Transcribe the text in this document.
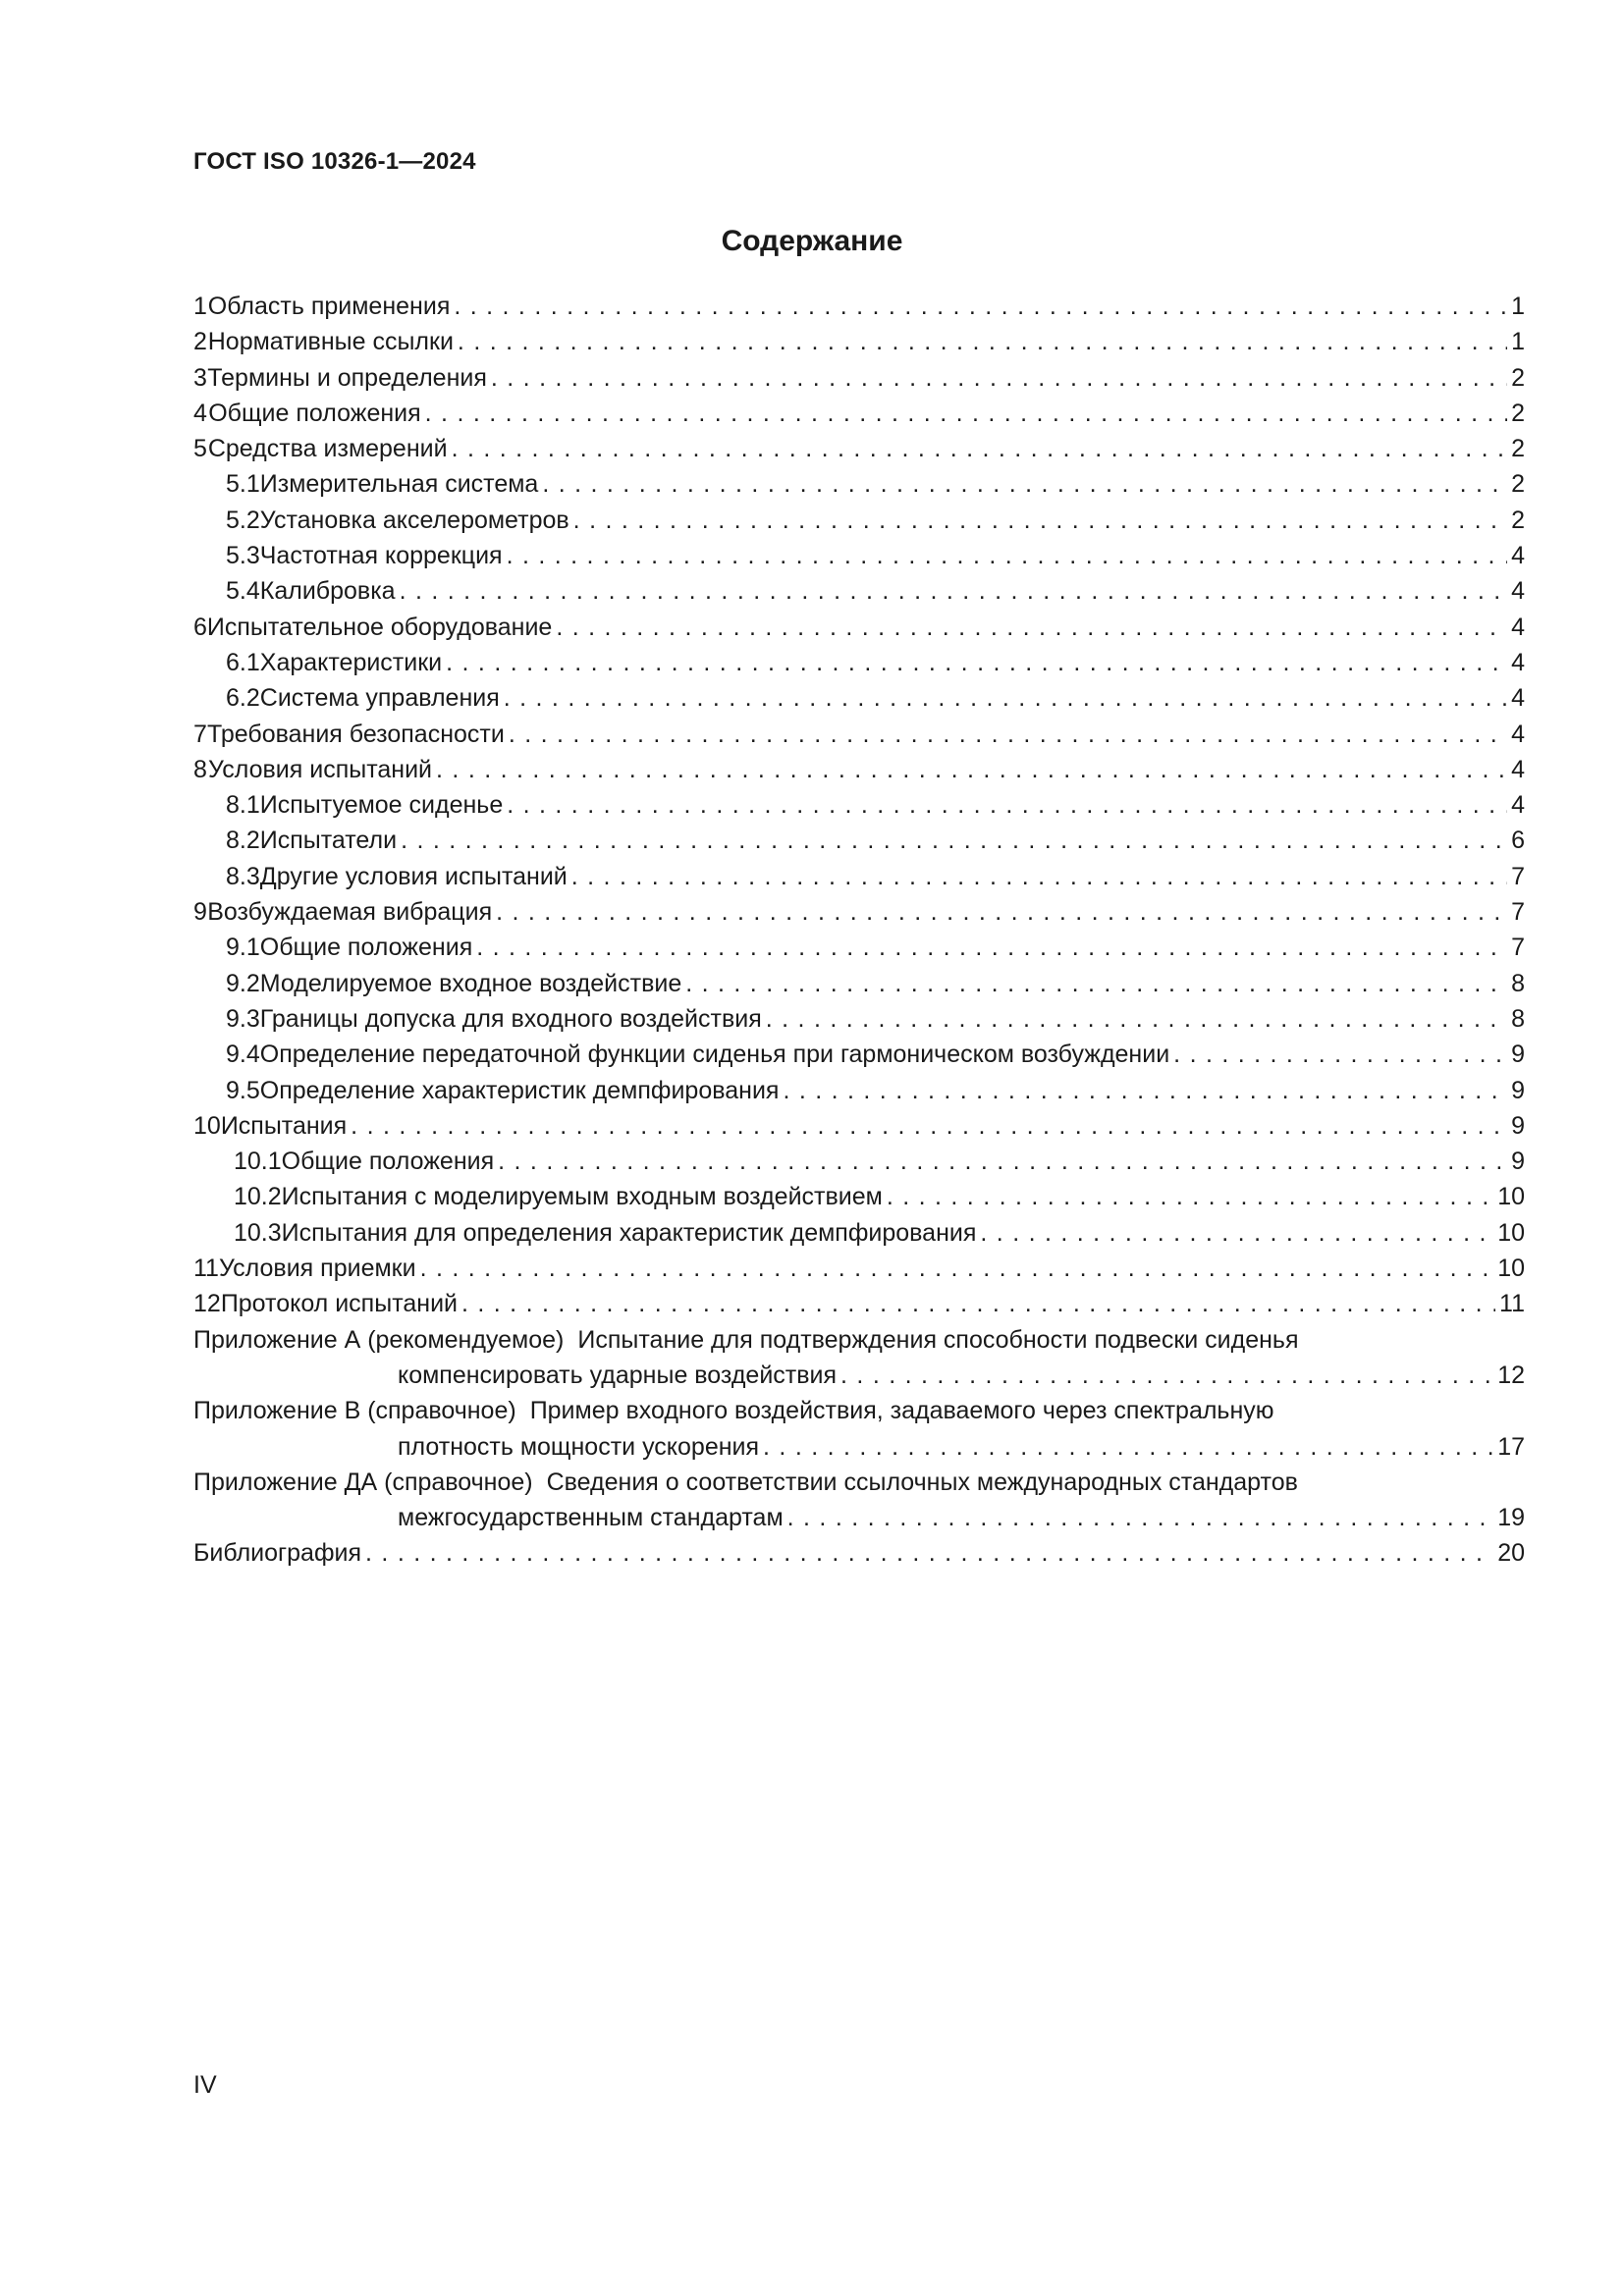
ГОСТ ISO 10326-1—2024

Содержание
1 Область применения . . .	1
2 Нормативные ссылки . . .	1
3 Термины и определения . . .	2
4 Общие положения . . .	2
5 Средства измерений . . .	2
5.1 Измерительная система . . .	2
5.2 Установка акселерометров . . .	2
5.3 Частотная коррекция . . .	4
5.4 Калибровка . . .	4
6 Испытательное оборудование . . .	4
6.1 Характеристики . . .	4
6.2 Система управления . . .	4
7 Требования безопасности . . .	4
8 Условия испытаний . . .	4
8.1 Испытуемое сиденье . . .	4
8.2 Испытатели . . .	6
8.3 Другие условия испытаний . . .	7
9 Возбуждаемая вибрация . . .	7
9.1 Общие положения . . .	7
9.2 Моделируемое входное воздействие . . .	8
9.3 Границы допуска для входного воздействия . . .	8
9.4 Определение передаточной функции сиденья при гармоническом возбуждении . . .	9
9.5 Определение характеристик демпфирования . . .	9
10 Испытания . . .	9
10.1 Общие положения . . .	9
10.2 Испытания с моделируемым входным воздействием . . .	10
10.3 Испытания для определения характеристик демпфирования . . .	10
11 Условия приемки . . .	10
12 Протокол испытаний . . .	11
Приложение А (рекомендуемое) Испытание для подтверждения способности подвески сиденья
компенсировать ударные воздействия . . .	12
Приложение В (справочное) Пример входного воздействия, задаваемого через спектральную
плотность мощности ускорения . . .	17
Приложение ДА (справочное) Сведения о соответствии ссылочных международных стандартов
межгосударственным стандартам . . .	19
Библиография . . .	20

IV
